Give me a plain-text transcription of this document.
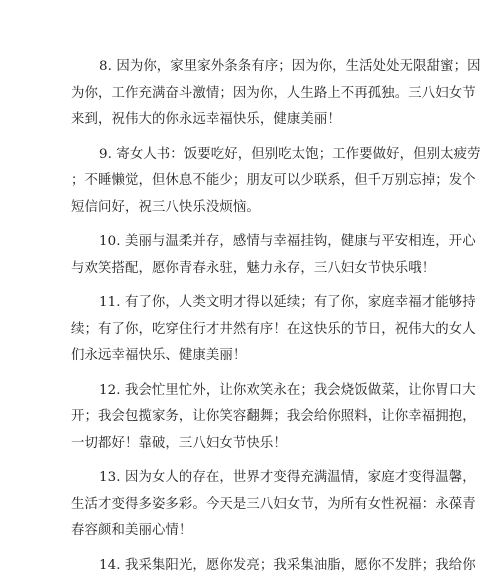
8. 因为你，家里家外条条有序；因为你，生活处处无限甜蜜；因
为你，工作充满奋斗激情；因为你，人生路上不再孤独。三八妇女节
来到，祝伟大的你永远幸福快乐，健康美丽！
9. 寄女人书：饭要吃好，但别吃太饱；工作要做好，但别太疲劳
；不睡懒觉，但休息不能少；朋友可以少联系，但千万别忘掉；发个
短信问好，祝三八快乐没烦恼。
10. 美丽与温柔并存，感情与幸福挂钩，健康与平安相连，开心
与欢笑搭配，愿你青春永驻，魅力永存，三八妇女节快乐哦！
11. 有了你，人类文明才得以延续；有了你，家庭幸福才能够持
续；有了你，吃穿住行才井然有序！在这快乐的节日，祝伟大的女人
们永远幸福快乐、健康美丽！
12. 我会忙里忙外，让你欢笑永在；我会烧饭做菜，让你胃口大
开；我会包揽家务，让你笑容翻舞；我会给你照料，让你幸福拥抱，
一切都好！靠破，三八妇女节快乐！
13. 因为女人的存在，世界才变得充满温情，家庭才变得温馨，
生活才变得多姿多彩。今天是三八妇女节，为所有女性祝福：永葆青
春容颜和美丽心情！
14. 我采集阳光，愿你发亮；我采集油脂，愿你不发胖；我给你
